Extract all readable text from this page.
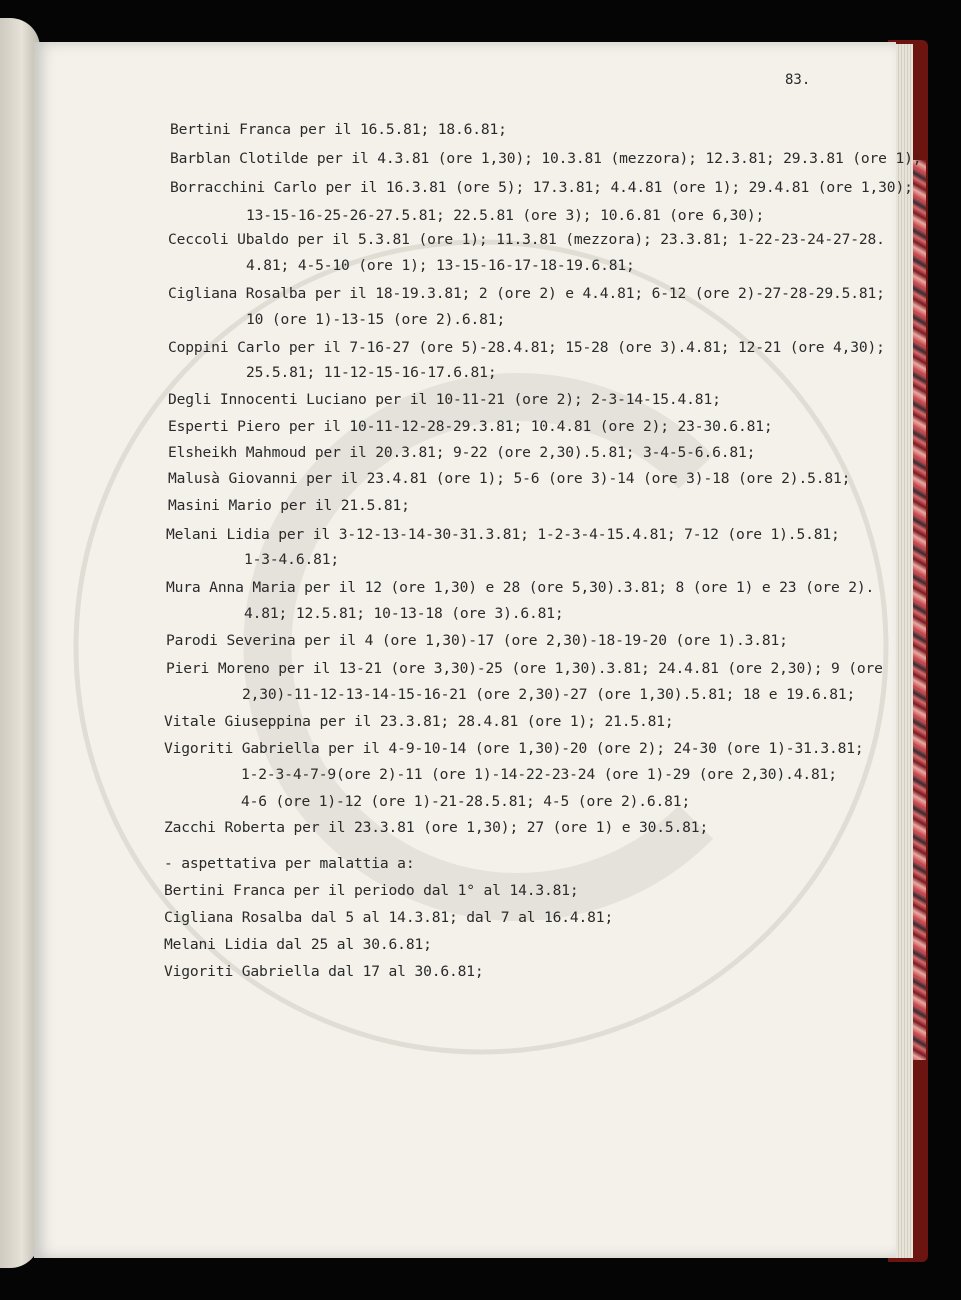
83.
Bertini Franca per il 16.5.81; 18.6.81;
Barblan Clotilde per il 4.3.81 (ore 1,30); 10.3.81 (mezzora); 12.3.81; 29.3.81 (ore 1);
Borracchini Carlo per il 16.3.81 (ore 5); 17.3.81; 4.4.81 (ore 1); 29.4.81 (ore 1,30);
13-15-16-25-26-27.5.81; 22.5.81 (ore 3); 10.6.81 (ore 6,30);
Ceccoli Ubaldo per il 5.3.81 (ore 1); 11.3.81 (mezzora); 23.3.81; 1-22-23-24-27-28.
4.81; 4-5-10 (ore 1); 13-15-16-17-18-19.6.81;
Cigliana Rosalba per il 18-19.3.81; 2 (ore 2) e 4.4.81; 6-12 (ore 2)-27-28-29.5.81;
10 (ore 1)-13-15 (ore 2).6.81;
Coppini Carlo per il 7-16-27 (ore 5)-28.4.81; 15-28 (ore 3).4.81; 12-21 (ore 4,30);
25.5.81; 11-12-15-16-17.6.81;
Degli Innocenti Luciano per il 10-11-21 (ore 2); 2-3-14-15.4.81;
Esperti Piero per il 10-11-12-28-29.3.81; 10.4.81 (ore 2); 23-30.6.81;
Elsheikh Mahmoud per il 20.3.81; 9-22 (ore 2,30).5.81; 3-4-5-6.6.81;
Malusà Giovanni per il 23.4.81 (ore 1); 5-6 (ore 3)-14 (ore 3)-18 (ore 2).5.81;
Masini Mario per il 21.5.81;
Melani Lidia per il 3-12-13-14-30-31.3.81; 1-2-3-4-15.4.81; 7-12 (ore 1).5.81;
1-3-4.6.81;
Mura Anna Maria per il 12 (ore 1,30) e 28 (ore 5,30).3.81; 8 (ore 1) e 23 (ore 2).
4.81; 12.5.81; 10-13-18 (ore 3).6.81;
Parodi Severina per il 4 (ore 1,30)-17 (ore 2,30)-18-19-20 (ore 1).3.81;
Pieri Moreno per il 13-21 (ore 3,30)-25 (ore 1,30).3.81; 24.4.81 (ore 2,30); 9 (ore
2,30)-11-12-13-14-15-16-21 (ore 2,30)-27 (ore 1,30).5.81; 18 e 19.6.81;
Vitale Giuseppina per il 23.3.81; 28.4.81 (ore 1); 21.5.81;
Vigoriti Gabriella per il 4-9-10-14 (ore 1,30)-20 (ore 2); 24-30 (ore 1)-31.3.81;
1-2-3-4-7-9(ore 2)-11 (ore 1)-14-22-23-24 (ore 1)-29 (ore 2,30).4.81;
4-6 (ore 1)-12 (ore 1)-21-28.5.81; 4-5 (ore 2).6.81;
Zacchi Roberta per il 23.3.81 (ore 1,30); 27 (ore 1) e 30.5.81;
- aspettativa per malattia a:
Bertini Franca per il periodo dal 1° al 14.3.81;
Cigliana Rosalba dal 5 al 14.3.81; dal 7 al 16.4.81;
Melani Lidia dal 25 al 30.6.81;
Vigoriti Gabriella dal 17 al 30.6.81;
